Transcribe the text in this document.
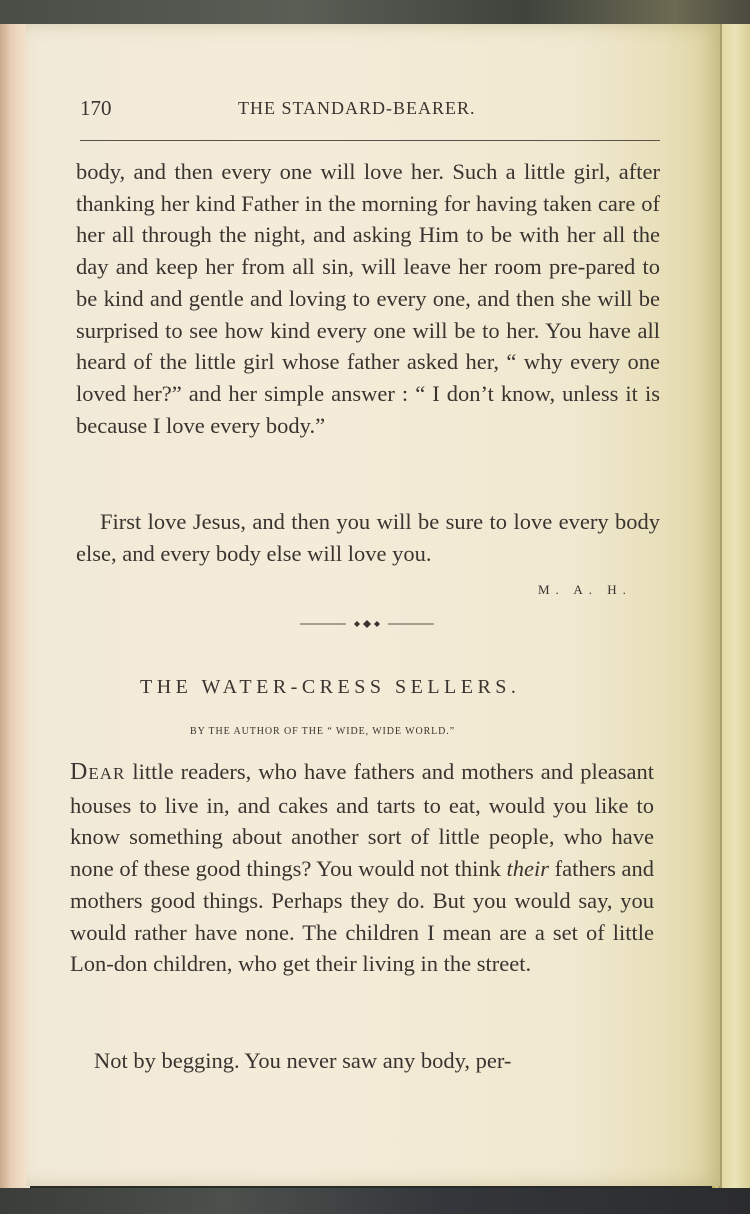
170	THE STANDARD-BEARER.

body, and then every one will love her. Such a little girl, after thanking her kind Father in the morning for having taken care of her all through the night, and asking Him to be with her all the day and keep her from all sin, will leave her room pre-pared to be kind and gentle and loving to every one, and then she will be surprised to see how kind every one will be to her. You have all heard of the little girl whose father asked her, “ why every one loved her?” and her simple answer : “ I don’t know, unless it is because I love every body.”

First love Jesus, and then you will be sure to love every body else, and every body else will love you.

M. A. H.
THE WATER-CRESS SELLERS.
BY THE AUTHOR OF THE “ WIDE, WIDE WORLD.”

DEAR little readers, who have fathers and mothers and pleasant houses to live in, and cakes and tarts to eat, would you like to know something about another sort of little people, who have none of these good things? You would not think their fathers and mothers good things. Perhaps they do. But you would say, you would rather have none. The children I mean are a set of little Lon-don children, who get their living in the street.

Not by begging. You never saw any body, per-
